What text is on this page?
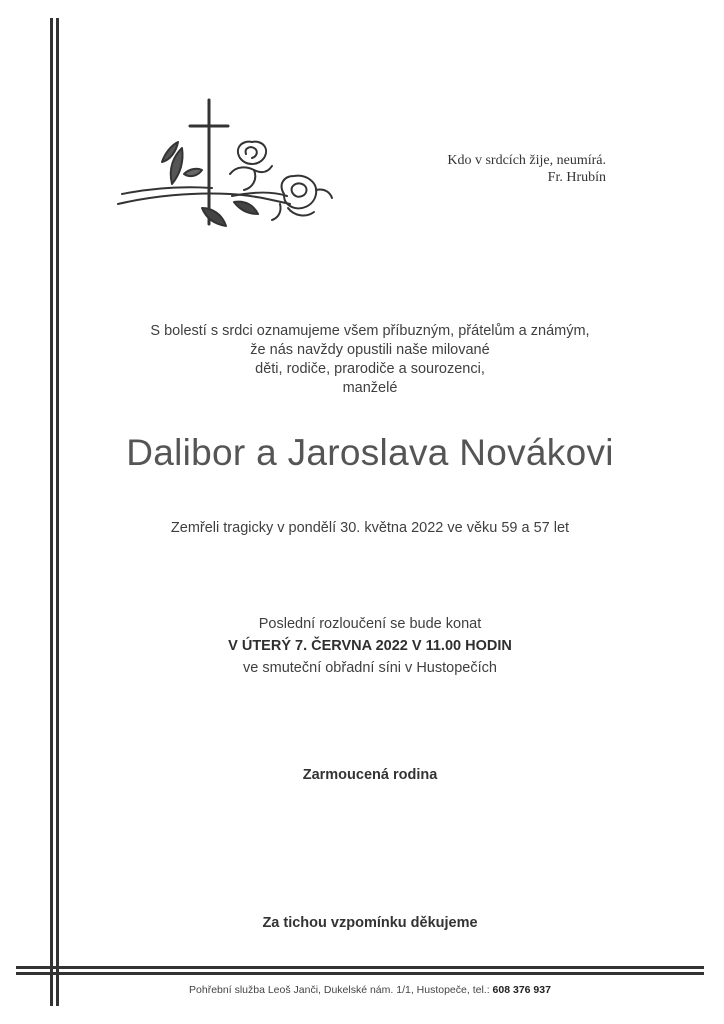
Kdo v srdcích žije, neumírá.
Fr. Hrubín
S bolestí s srdci oznamujeme všem příbuzným, přátelům a známým,
že nás navždy opustili naše milované
děti, rodiče, prarodiče a sourozenci,
manželé
Dalibor a Jaroslava Novákovi
Zemřeli tragicky v pondělí 30. května 2022 ve věku 59 a 57 let
Poslední rozloučení se bude konat
V ÚTERÝ 7. ČERVNA 2022 V 11.00 HODIN
ve smuteční obřadní síni v Hustopečích
Zarmoucená rodina
Za tichou vzpomínku děkujeme
Pohřební služba Leoš Janči, Dukelské nám. 1/1, Hustopeče, tel.: 608 376 937
